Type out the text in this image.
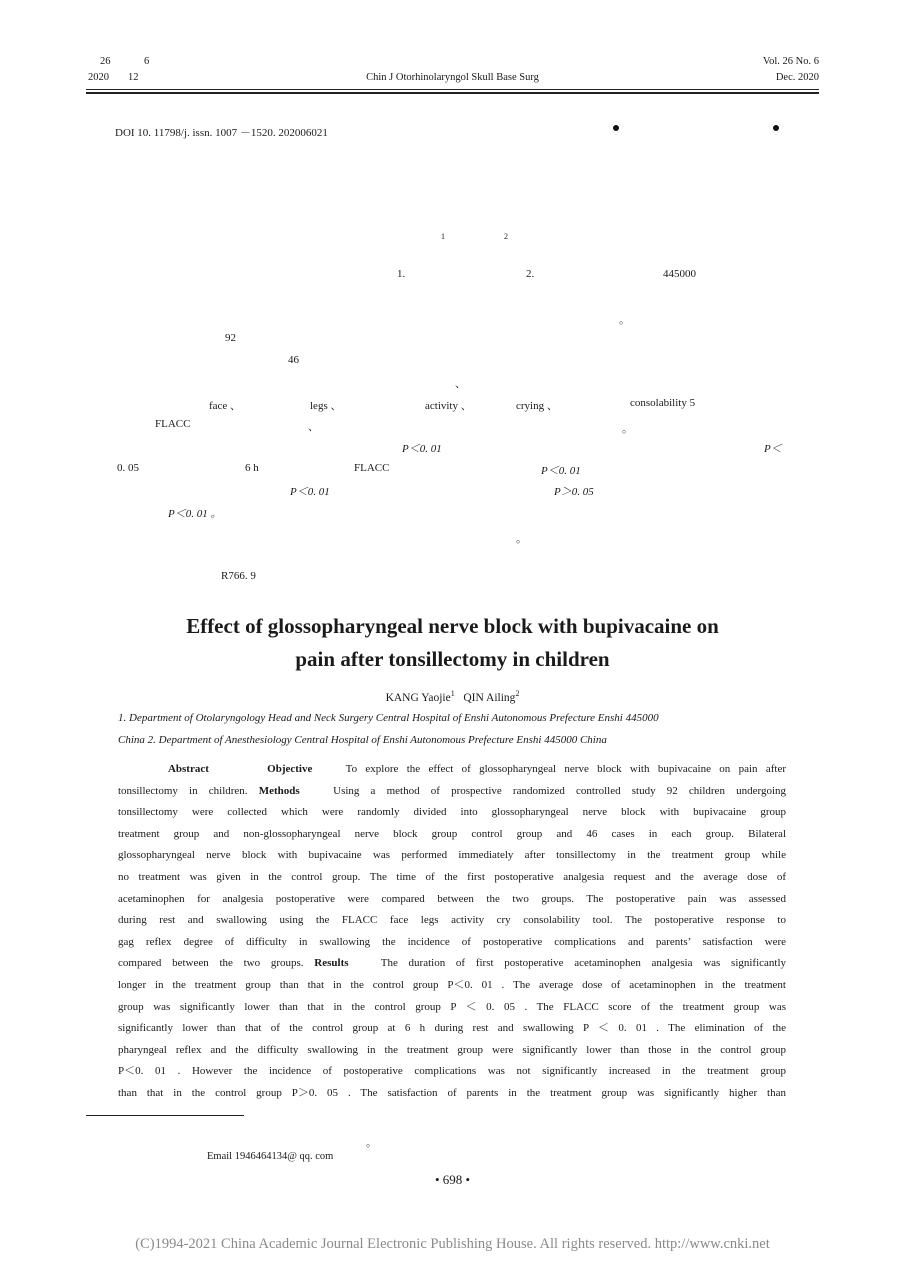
26	6
2020 12	Chin J Otorhinolaryngol Skull Base Surg
Vol. 26 No. 6
Dec. 2020
DOI 10. 11798/j. issn. 1007 －1520. 202006021
1	2
1.	2.	445000
。
92
46
、
face 、	legs 、	activity 、	crying 、	consolability 5
FLACC	、	。
P＜0. 01	P＜
0. 05	6 h	FLACC	P＜0. 01
P＜0. 01	P＞0. 05
P＜0. 01 。
。
R766. 9
Effect of glossopharyngeal nerve block with bupivacaine on
pain after tonsillectomy in children
KANG Yaojie$^1$ QIN Ailing$^2$
1. Department of Otolaryngology Head and Neck Surgery Central Hospital of Enshi Autonomous Prefecture Enshi 445000
China 2. Department of Anesthesiology Central Hospital of Enshi Autonomous Prefecture Enshi 445000 China
Abstract	Objective	To explore the effect of glossopharyngeal nerve block with bupivacaine on pain after
tonsillectomy in children. Methods	Using a method of prospective randomized controlled study 92 children undergoing
tonsillectomy were collected which were randomly divided into glossopharyngeal nerve block with bupivacaine group
treatment group and non-glossopharyngeal nerve block group control group and 46 cases in each group. Bilateral
glossopharyngeal nerve block with bupivacaine was performed immediately after tonsillectomy in the treatment group while
no treatment was given in the control group. The time of the first postoperative analgesia request and the average dose of
acetaminophen for analgesia postoperative were compared between the two groups. The postoperative pain was assessed
during rest and swallowing using the FLACC face legs activity cry consolability tool. The postoperative response to
gag reflex degree of difficulty in swallowing the incidence of postoperative complications and parents’ satisfaction were
compared between the two groups. Results	The duration of first postoperative acetaminophen analgesia was significantly
longer in the treatment group than that in the control group P＜0. 01 . The average dose of acetaminophen in the treatment
group was significantly lower than that in the control group P ＜ 0. 05 . The FLACC score of the treatment group was
significantly lower than that of the control group at 6 h during rest and swallowing P ＜ 0. 01 . The elimination of the
pharyngeal reflex and the difficulty swallowing in the treatment group were significantly lower than those in the control group
P＜0. 01 . However the incidence of postoperative complications was not significantly increased in the treatment group
than that in the control group P＞0. 05 . The satisfaction of parents in the treatment group was significantly higher than
。
Email 1946464134@ qq. com
• 698 •
(C)1994-2021 China Academic Journal Electronic Publishing House. All rights reserved. http://www.cnki.net
